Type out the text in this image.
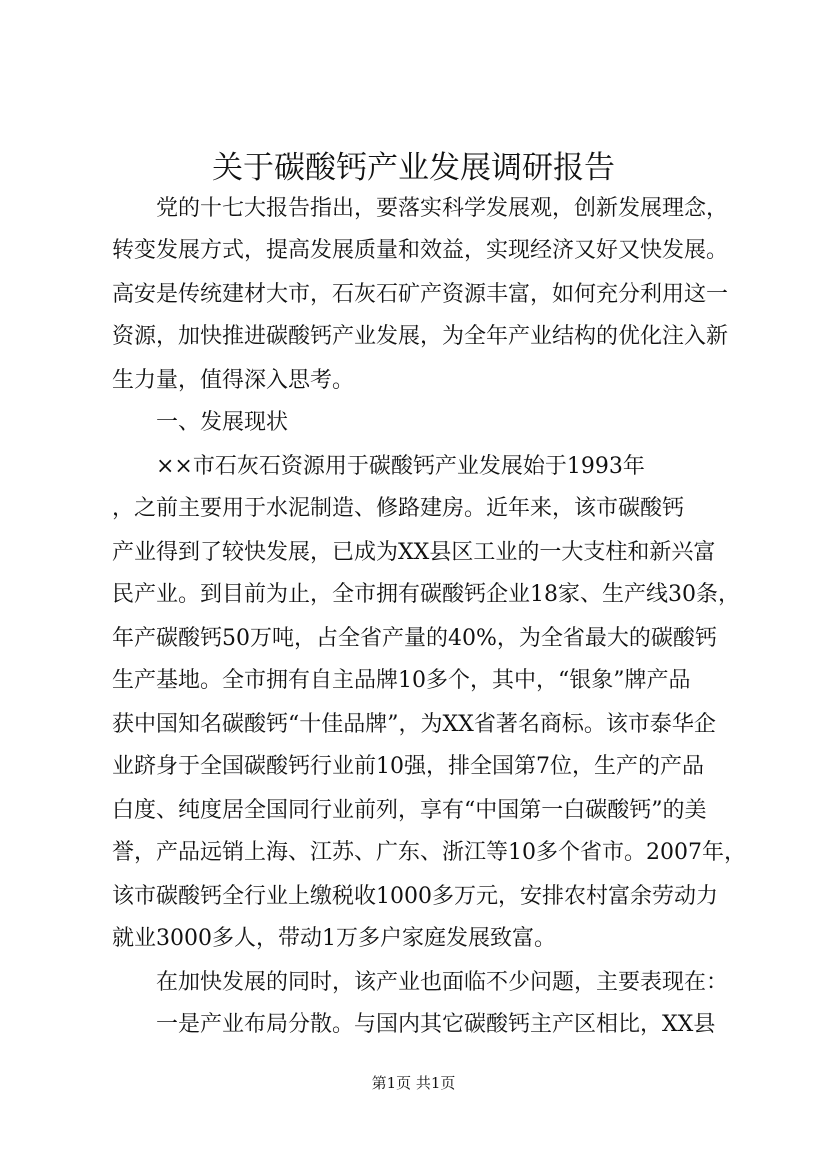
关于碳酸钙产业发展调研报告

　　党的十七大报告指出，要落实科学发展观，创新发展理念，

转变发展方式，提高发展质量和效益，实现经济又好又快发展。

高安是传统建材大市，石灰石矿产资源丰富，如何充分利用这一

资源，加快推进碳酸钙产业发展，为全年产业结构的优化注入新

生力量，值得深入思考。

　　一、发展现状

　　××市石灰石资源用于碳酸钙产业发展始于1993年

，之前主要用于水泥制造、修路建房。近年来，该市碳酸钙

产业得到了较快发展，已成为XX县区工业的一大支柱和新兴富

民产业。到目前为止，全市拥有碳酸钙企业18家、生产线30条，

年产碳酸钙50万吨，占全省产量的40%，为全省最大的碳酸钙

生产基地。全市拥有自主品牌10多个，其中，“银象”牌产品

获中国知名碳酸钙“十佳品牌”，为XX省著名商标。该市泰华企

业跻身于全国碳酸钙行业前10强，排全国第7位，生产的产品

白度、纯度居全国同行业前列，享有“中国第一白碳酸钙”的美

誉，产品远销上海、江苏、广东、浙江等10多个省市。2007年，

该市碳酸钙全行业上缴税收1000多万元，安排农村富余劳动力

就业3000多人，带动1万多户家庭发展致富。

　　在加快发展的同时，该产业也面临不少问题，主要表现在：

　　一是产业布局分散。与国内其它碳酸钙主产区相比，XX县

第1页 共1页
